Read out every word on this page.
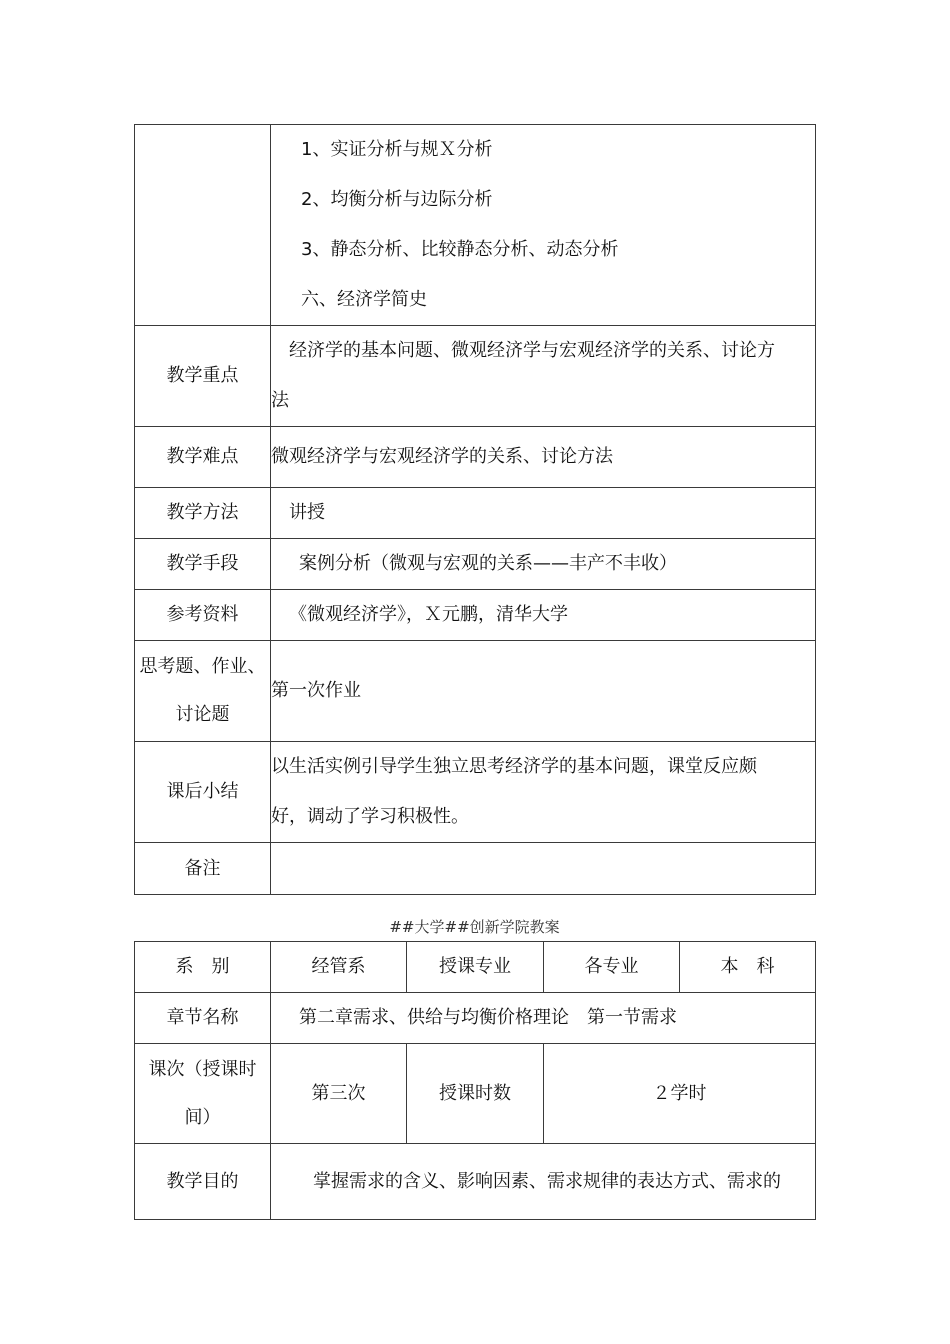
	1、实证分析与规Ｘ分析
2、均衡分析与边际分析
3、静态分析、比较静态分析、动态分析
六、经济学简史

教学重点	经济学的基本问题、微观经济学与宏观经济学的关系、讨论方
法

教学难点	微观经济学与宏观经济学的关系、讨论方法
教学方法	讲授
教学手段	案例分析（微观与宏观的关系——丰产不丰收）
参考资料	《微观经济学》，Ｘ元鹏，清华大学

思考题、作业、
讨论题	第一次作业
课后小结	以生活实例引导学生独立思考经济学的基本问题，课堂反应颇
好，调动了学习积极性。

备注	
##大学##创新学院教案
系　别	经管系	授课专业	各专业	本　科
章节名称	第二章需求、供给与均衡价格理论　第一节需求			

课次（授课时
间）	第三次	授课时数	２学时	
教学目的	掌握需求的含义、影响因素、需求规律的表达方式、需求的			
